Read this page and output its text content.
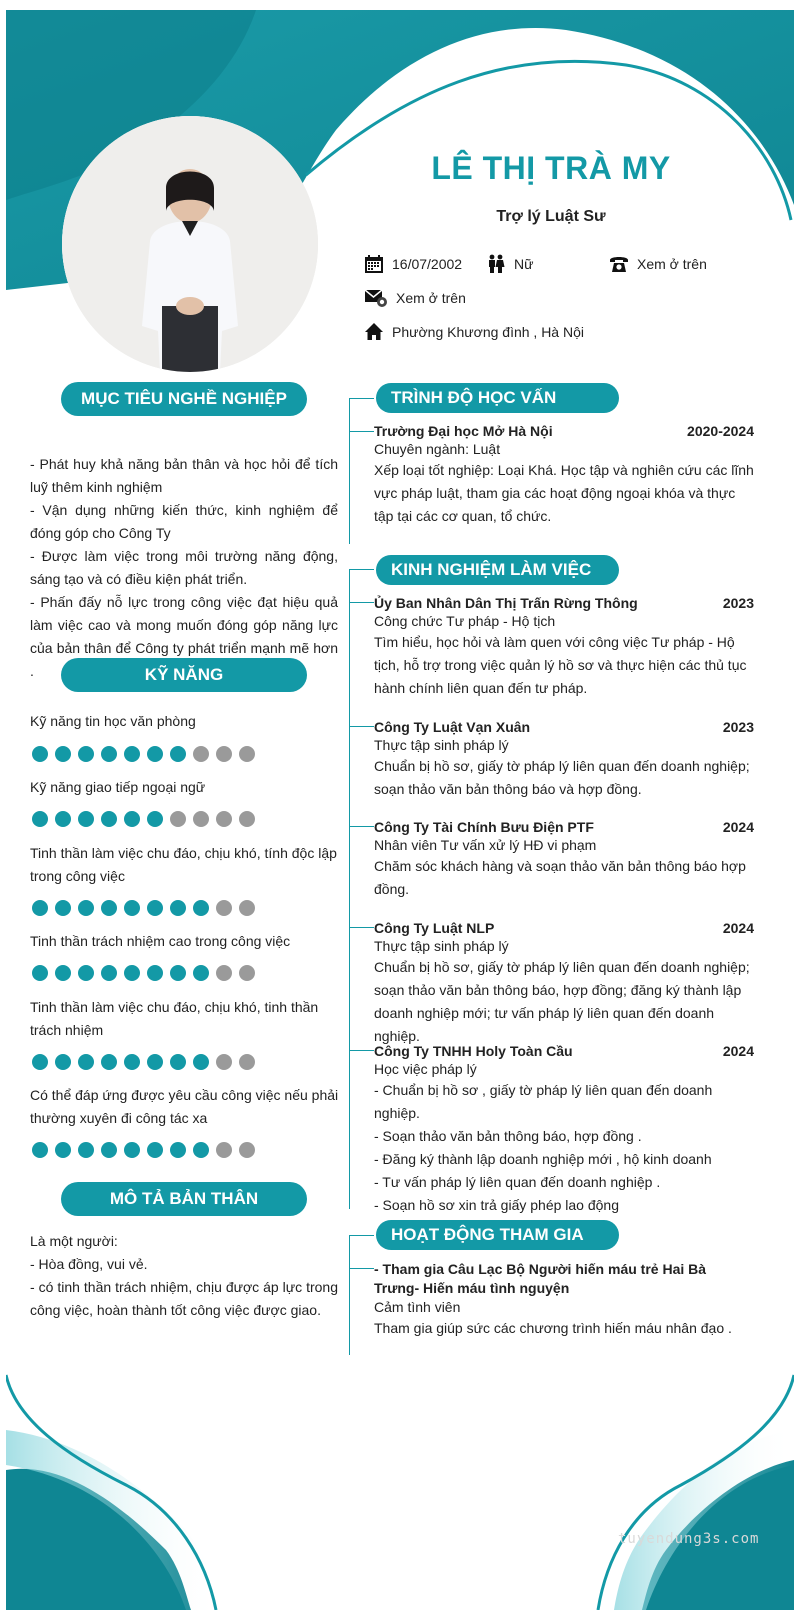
LÊ THỊ TRÀ MY
Trợ lý Luật Sư
16/07/2002	Nữ	Xem ở trên
Xem ở trên
Phường Khương đình , Hà Nội
MỤC TIÊU NGHỀ NGHIỆP

- Phát huy khả năng bản thân và học hỏi để tích luỹ thêm kinh nghiệm

- Vận dụng những kiến thức, kinh nghiệm để đóng góp cho Công Ty

- Được làm việc trong môi trường năng động, sáng tạo và có điều kiện phát triển.

- Phấn đấy nỗ lực trong công việc đạt hiệu quả làm việc cao và mong muốn đóng góp năng lực của bản thân để Công ty phát triển mạnh mẽ hơn .	KỸ NĂNG
Kỹ năng tin học văn phòng
Kỹ năng giao tiếp ngoại ngữ
Tinh thần làm việc chu đáo, chịu khó, tính độc lập trong công việc
Tinh thần trách nhiệm cao trong công việc
Tinh thần làm việc chu đáo, chịu khó, tinh thần trách nhiệm
Có thể đáp ứng được yêu cầu công việc nếu phải thường xuyên đi công tác xa
MÔ TẢ BẢN THÂN

Là một người:

- Hòa đồng, vui vẻ.

- có tinh thần trách nhiệm, chịu được áp lực trong công việc, hoàn thành tốt công việc được giao.

TRÌNH ĐỘ HỌC VẤN
Trường Đại học Mở Hà Nội	2020-2024
Chuyên ngành: Luật
Xếp loại tốt nghiệp: Loại Khá. Học tập và nghiên cứu các lĩnh vực pháp luật, tham gia các hoạt động ngoại khóa và thực tập tại các cơ quan, tổ chức.
KINH NGHIỆM LÀM VIỆC
Ủy Ban Nhân Dân Thị Trấn Rừng Thông	2023
Công chức Tư pháp - Hộ tịch

Tìm hiểu, học hỏi và làm quen với công việc Tư pháp - Hộ tịch, hỗ trợ trong việc quản lý hồ sơ và thực hiện các thủ tục hành chính liên quan đến tư pháp.

Công Ty Luật Vạn Xuân	2023
Thực tập sinh pháp lý

Chuẩn bị hồ sơ, giấy tờ pháp lý liên quan đến doanh nghiệp; soạn thảo văn bản thông báo và hợp đồng.

Công Ty Tài Chính Bưu Điện PTF	2024
Nhân viên Tư vấn xử lý HĐ vi phạm

Chăm sóc khách hàng và soạn thảo văn bản thông báo hợp đồng.

Công Ty Luật NLP	2024
Thực tập sinh pháp lý

Chuẩn bị hồ sơ, giấy tờ pháp lý liên quan đến doanh nghiệp; soạn thảo văn bản thông báo, hợp đồng; đăng ký thành lập doanh nghiệp mới; tư vấn pháp lý liên quan đến doanh nghiệp.

Công Ty TNHH Holy Toàn Cầu	2024
Học việc pháp lý

- Chuẩn bị hồ sơ , giấy tờ pháp lý liên quan đến doanh nghiệp.

- Soạn thảo văn bản thông báo, hợp đồng .

- Đăng ký thành lập doanh nghiệp mới , hộ kinh doanh

- Tư vấn pháp lý liên quan đến doanh nghiệp .

- Soạn hồ sơ xin trả giấy phép lao động

HOẠT ĐỘNG THAM GIA
- Tham gia Câu Lạc Bộ Người hiến máu trẻ Hai Bà Trưng- Hiến máu tình nguyện
Cảm tình viên
Tham gia giúp sức các chương trình hiến máu nhân đạo .
tuyendung3s.com
